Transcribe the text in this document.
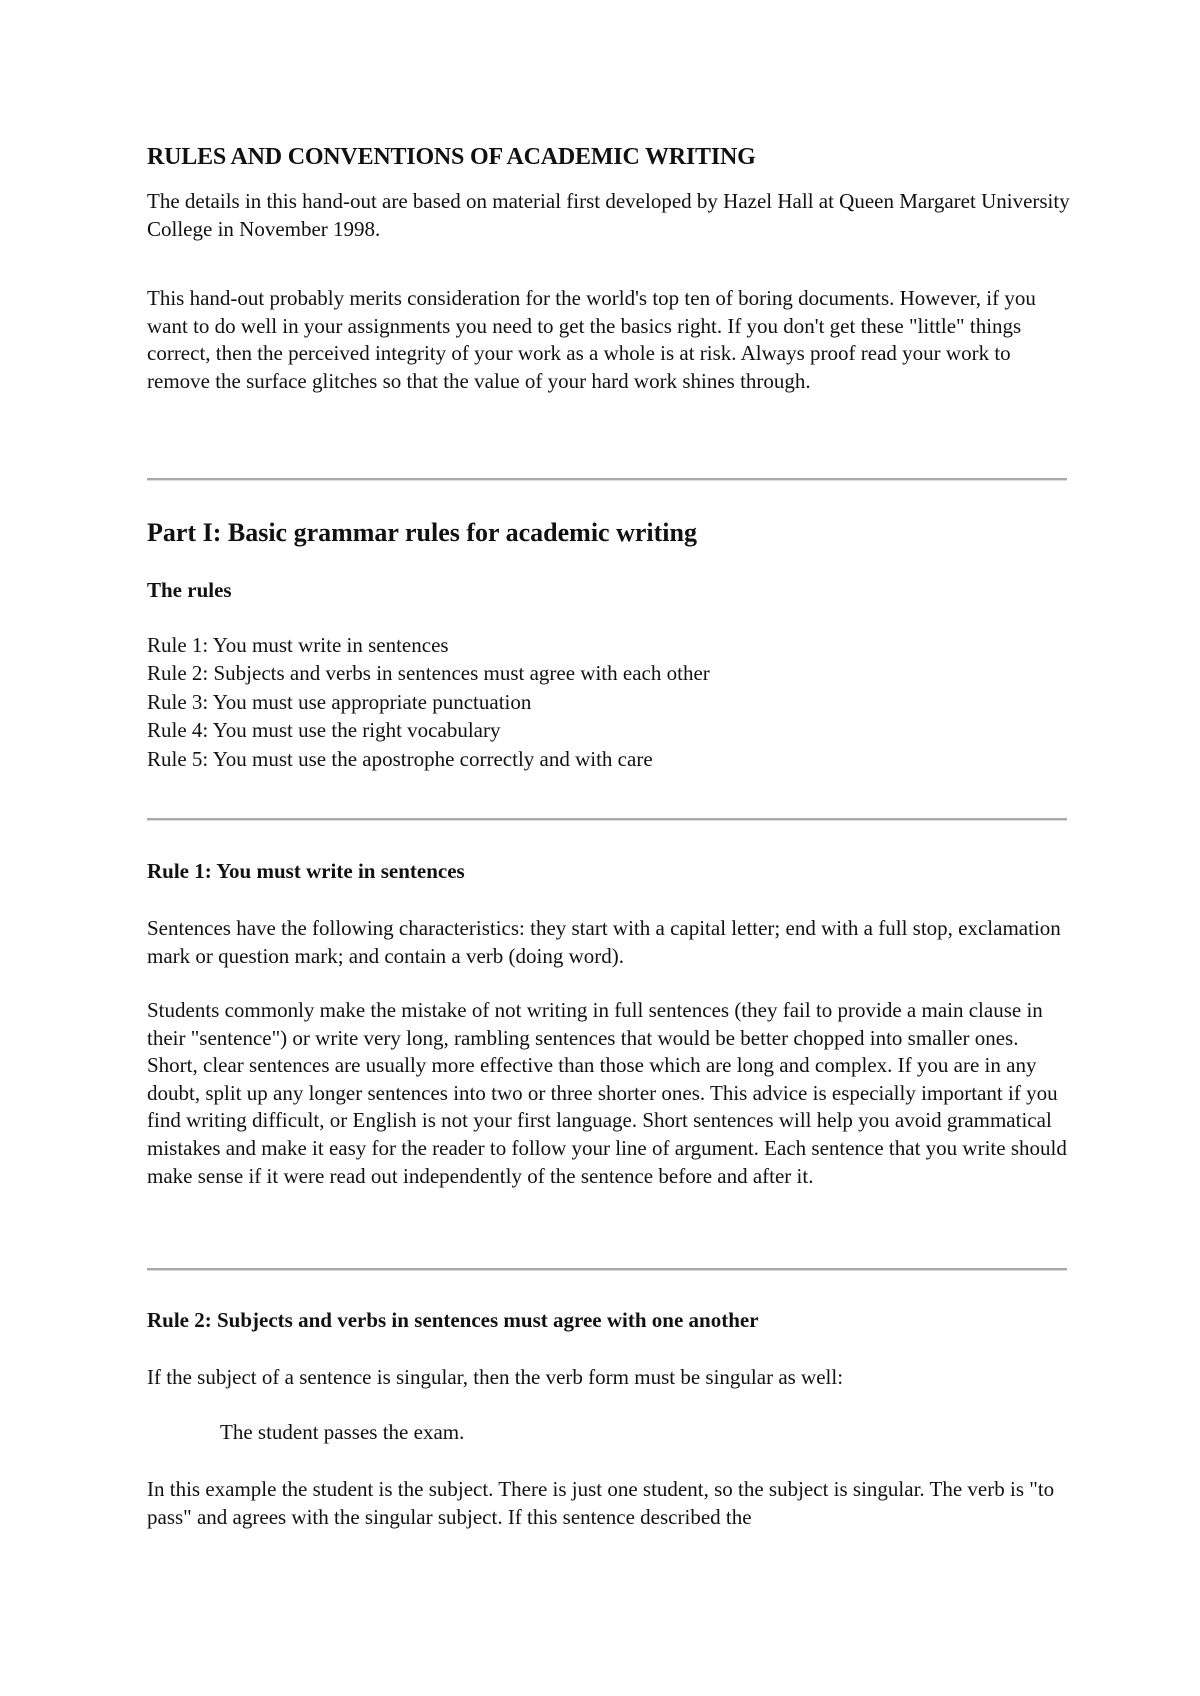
RULES AND CONVENTIONS OF ACADEMIC WRITING

The details in this hand-out are based on material first developed by Hazel Hall at Queen Margaret University College in November 1998.

This hand-out probably merits consideration for the world's top ten of boring documents. However, if you want to do well in your assignments you need to get the basics right. If you don't get these "little" things correct, then the perceived integrity of your work as a whole is at risk. Always proof read your work to remove the surface glitches so that the value of your hard work shines through.

Part I: Basic grammar rules for academic writing
The rules
Rule 1: You must write in sentences
Rule 2: Subjects and verbs in sentences must agree with each other
Rule 3: You must use appropriate punctuation
Rule 4: You must use the right vocabulary
Rule 5: You must use the apostrophe correctly and with care
Rule 1: You must write in sentences

Sentences have the following characteristics: they start with a capital letter; end with a full stop, exclamation mark or question mark; and contain a verb (doing word).

Students commonly make the mistake of not writing in full sentences (they fail to provide a main clause in their "sentence") or write very long, rambling sentences that would be better chopped into smaller ones. Short, clear sentences are usually more effective than those which are long and complex. If you are in any doubt, split up any longer sentences into two or three shorter ones. This advice is especially important if you find writing difficult, or English is not your first language. Short sentences will help you avoid grammatical mistakes and make it easy for the reader to follow your line of argument. Each sentence that you write should make sense if it were read out independently of the sentence before and after it.

Rule 2: Subjects and verbs in sentences must agree with one another

If the subject of a sentence is singular, then the verb form must be singular as well:

The student passes the exam.

In this example the student is the subject. There is just one student, so the subject is singular. The verb is "to pass" and agrees with the singular subject. If this sentence described the
